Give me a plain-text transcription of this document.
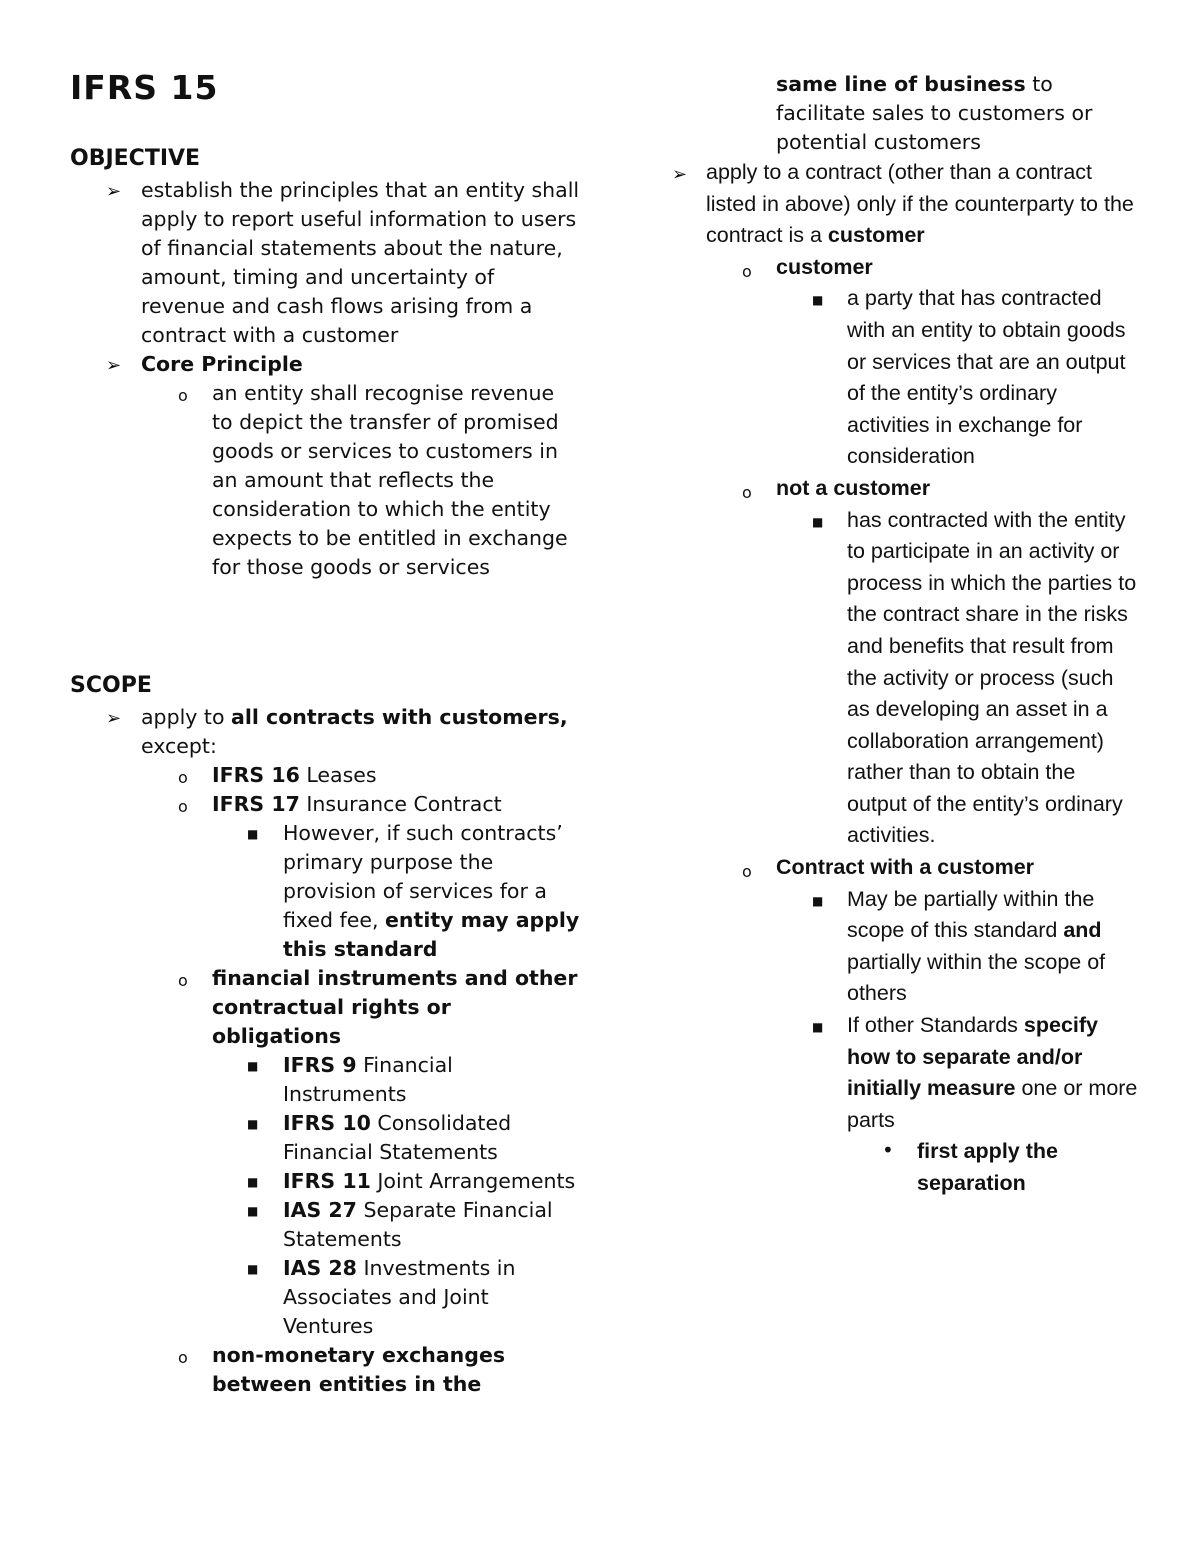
IFRS 15
OBJECTIVE
➢ establish the principles that an entity shall apply to report useful information to users of financial statements about the nature, amount, timing and uncertainty of revenue and cash flows arising from a contract with a customer
➢ Core Principle
o an entity shall recognise revenue to depict the transfer of promised goods or services to customers in an amount that reflects the consideration to which the entity expects to be entitled in exchange for those goods or services
SCOPE
➢ apply to all contracts with customers, except:
o IFRS 16 Leases
o IFRS 17 Insurance Contract
■ However, if such contracts’ primary purpose the provision of services for a fixed fee, entity may apply this standard
o financial instruments and other contractual rights or obligations
■ IFRS 9 Financial Instruments
■ IFRS 10 Consolidated Financial Statements
■ IFRS 11 Joint Arrangements
■ IAS 27 Separate Financial Statements
■ IAS 28 Investments in Associates and Joint Ventures
o non-monetary exchanges between entities in the
same line of business to facilitate sales to customers or potential customers
➢ apply to a contract (other than a contract listed in above) only if the counterparty to the contract is a customer
o customer
■ a party that has contracted with an entity to obtain goods or services that are an output of the entity’s ordinary activities in exchange for consideration
o not a customer
■ has contracted with the entity to participate in an activity or process in which the parties to the contract share in the risks and benefits that result from the activity or process (such as developing an asset in a collaboration arrangement) rather than to obtain the output of the entity’s ordinary activities.
o Contract with a customer
■ May be partially within the scope of this standard and partially within the scope of others
■ If other Standards specify how to separate and/or initially measure one or more parts
• first apply the separation
